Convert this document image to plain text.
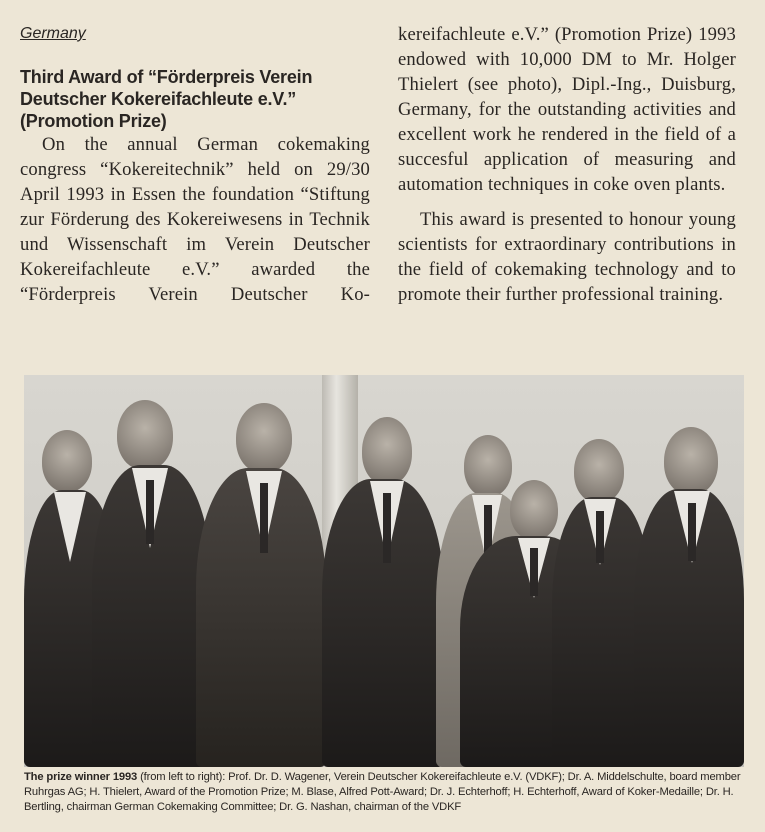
Germany

Third Award of “Förderpreis Verein
Deutscher Kokereifachleute e.V.”
(Promotion Prize)

On the annual German cokemaking congress “Kokereitechnik” held on 29/30 April 1993 in Essen the foundation “Stiftung zur Förderung des Kokereiwesens in Technik und Wissenschaft im Verein Deutscher Kokereifachleute e.V.” awarded the “Förderpreis Verein Deutscher Ko-

kereifachleute e.V.” (Promotion Prize) 1993 endowed with 10,000 DM to Mr. Holger Thielert (see photo), Dipl.-Ing., Duisburg, Germany, for the outstanding activities and excellent work he rendered in the field of a succesful application of measuring and automation techniques in coke oven plants.

This award is presented to honour young scientists for extraordinary contributions in the field of cokemaking technology and to promote their further professional training.

The prize winner 1993 (from left to right): Prof. Dr. D. Wagener, Verein Deutscher Kokereifachleute e.V. (VDKF); Dr. A. Middelschulte, board member Ruhrgas AG; H. Thielert, Award of the Promotion Prize; M. Blase, Alfred Pott-Award; Dr. J. Echterhoff; H. Echterhoff, Award of Koker-Medaille; Dr. H. Bertling, chairman German Cokemaking Committee; Dr. G. Nashan, chairman of the VDKF
